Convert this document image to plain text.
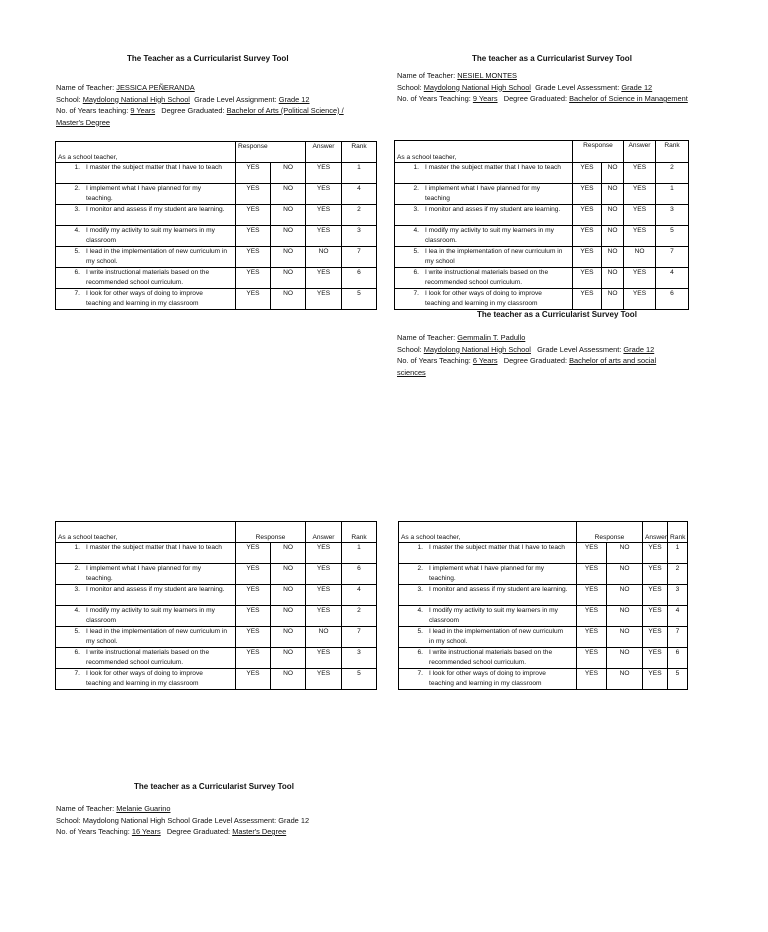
The Teacher as a Curricularist Survey Tool
Name of Teacher: JESSICA PEÑERANDA
School: Maydolong National High School Grade Level Assignment: Grade 12
No. of Years teaching: 9 Years Degree Graduated: Bachelor of Arts (Political Science) /
Master's Degree
The teacher as a Curricularist Survey Tool
Name of Teacher: NESIEL MONTES
School: Maydolong National High School Grade Level Assessment: Grade 12
No. of Years Teaching: 9 Years Degree Graduated: Bachelor of Science in Management
As a school teacher,	Response		Answer	Rank
1. I master the subject matter that I have to teach	YES	NO	YES	1
2. I implement what I have planned for my teaching.	YES	NO	YES	4
3. I monitor and assess if my student are learning.	YES	NO	YES	2
4. I modify my activity to suit my learners in my classroom	YES	NO	YES	3
5. I lead in the implementation of new curriculum in my school.	YES	NO	NO	7
6. I write instructional materials based on the recommended school curriculum.	YES	NO	YES	6
7. I look for other ways of doing to improve teaching and learning in my classroom	YES	NO	YES	5
As a school teacher,	Response		Answer	Rank
1. I master the subject matter that I have to teach	YES	NO	YES	2
2. I implement what I have planned for my teaching	YES	NO	YES	1
3. I monitor and asses if my student are learning.	YES	NO	YES	3
4. I modify my activity to suit my learners in my classroom.	YES	NO	YES	5
5. I lea in the implementation of new curriculum in my school	YES	NO	NO	7
6. I write instructional materials based on the recommended school curriculum.	YES	NO	YES	4
7. I look for other ways of doing to improve teaching and learning in my classroom	YES	NO	YES	6
The teacher as a Curricularist Survey Tool
Name of Teacher: Gemmalin T. Padullo
School: Maydolong National High School Grade Level Assessment: Grade 12
No. of Years Teaching: 6 Years Degree Graduated: Bachelor of arts and social
sciences
As a school teacher,	Response		Answer	Rank
1. I master the subject matter that I have to teach	YES	NO	YES	1
2. I implement what I have planned for my teaching.	YES	NO	YES	6
3. I monitor and assess if my student are learning.	YES	NO	YES	4
4. I modify my activity to suit my learners in my classroom	YES	NO	YES	2
5. I lead in the implementation of new curriculum in my school.	YES	NO	NO	7
6. I write instructional materials based on the recommended school curriculum.	YES	NO	YES	3
7. I look for other ways of doing to improve teaching and learning in my classroom	YES	NO	YES	5
As a school teacher,	Response		Answer	Rank
1. I master the subject matter that I have to teach	YES	NO	YES	1
2. I implement what I have planned for my teaching.	YES	NO	YES	2
3. I monitor and assess if my student are learning.	YES	NO	YES	3
4. I modify my activity to suit my learners in my classroom	YES	NO	YES	4
5. I lead in the implementation of new curriculum in my school.	YES	NO	YES	7
6. I write instructional materials based on the recommended school curriculum.	YES	NO	YES	6
7. I look for other ways of doing to improve teaching and learning in my classroom	YES	NO	YES	5
The teacher as a Curricularist Survey Tool
Name of Teacher: Melanie Guarino
School: Maydolong National High School Grade Level Assessment: Grade 12
No. of Years Teaching: 16 Years Degree Graduated: Master's Degree
